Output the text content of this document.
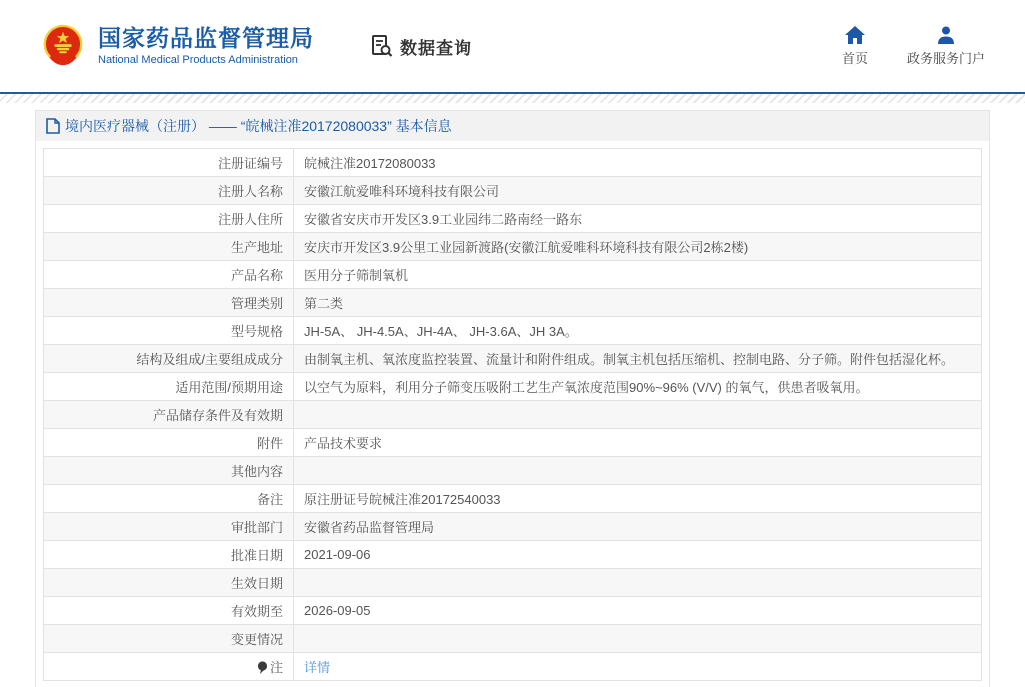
国家药品监督管理局
National Medical Products Administration
数据查询
首页	政务服务门户
境内医疗器械（注册） —— “皖械注准20172080033” 基本信息
注册证编号	皖械注准20172080033
注册人名称	安徽江航爱唯科环境科技有限公司
注册人住所	安徽省安庆市开发区3.9工业园纬二路南经一路东
生产地址	安庆市开发区3.9公里工业园新渡路(安徽江航爱唯科环境科技有限公司2栋2楼)
产品名称	医用分子筛制氧机
管理类别	第二类
型号规格	JH-5A、 JH-4.5A、JH-4A、 JH-3.6A、JH 3A。
结构及组成/主要组成成分	由制氧主机、氧浓度监控装置、流量计和附件组成。制氧主机包括压缩机、控制电路、分子筛。附件包括湿化杯。
适用范围/预期用途	以空气为原料，利用分子筛变压吸附工艺生产氧浓度范围90%~96% (V/V) 的氧气，供患者吸氧用。
产品储存条件及有效期	
附件	产品技术要求
其他内容	
备注	原注册证号皖械注准20172540033
审批部门	安徽省药品监督管理局
批准日期	2021-09-06
生效日期	
有效期至	2026-09-05
变更情况	
注	详情
